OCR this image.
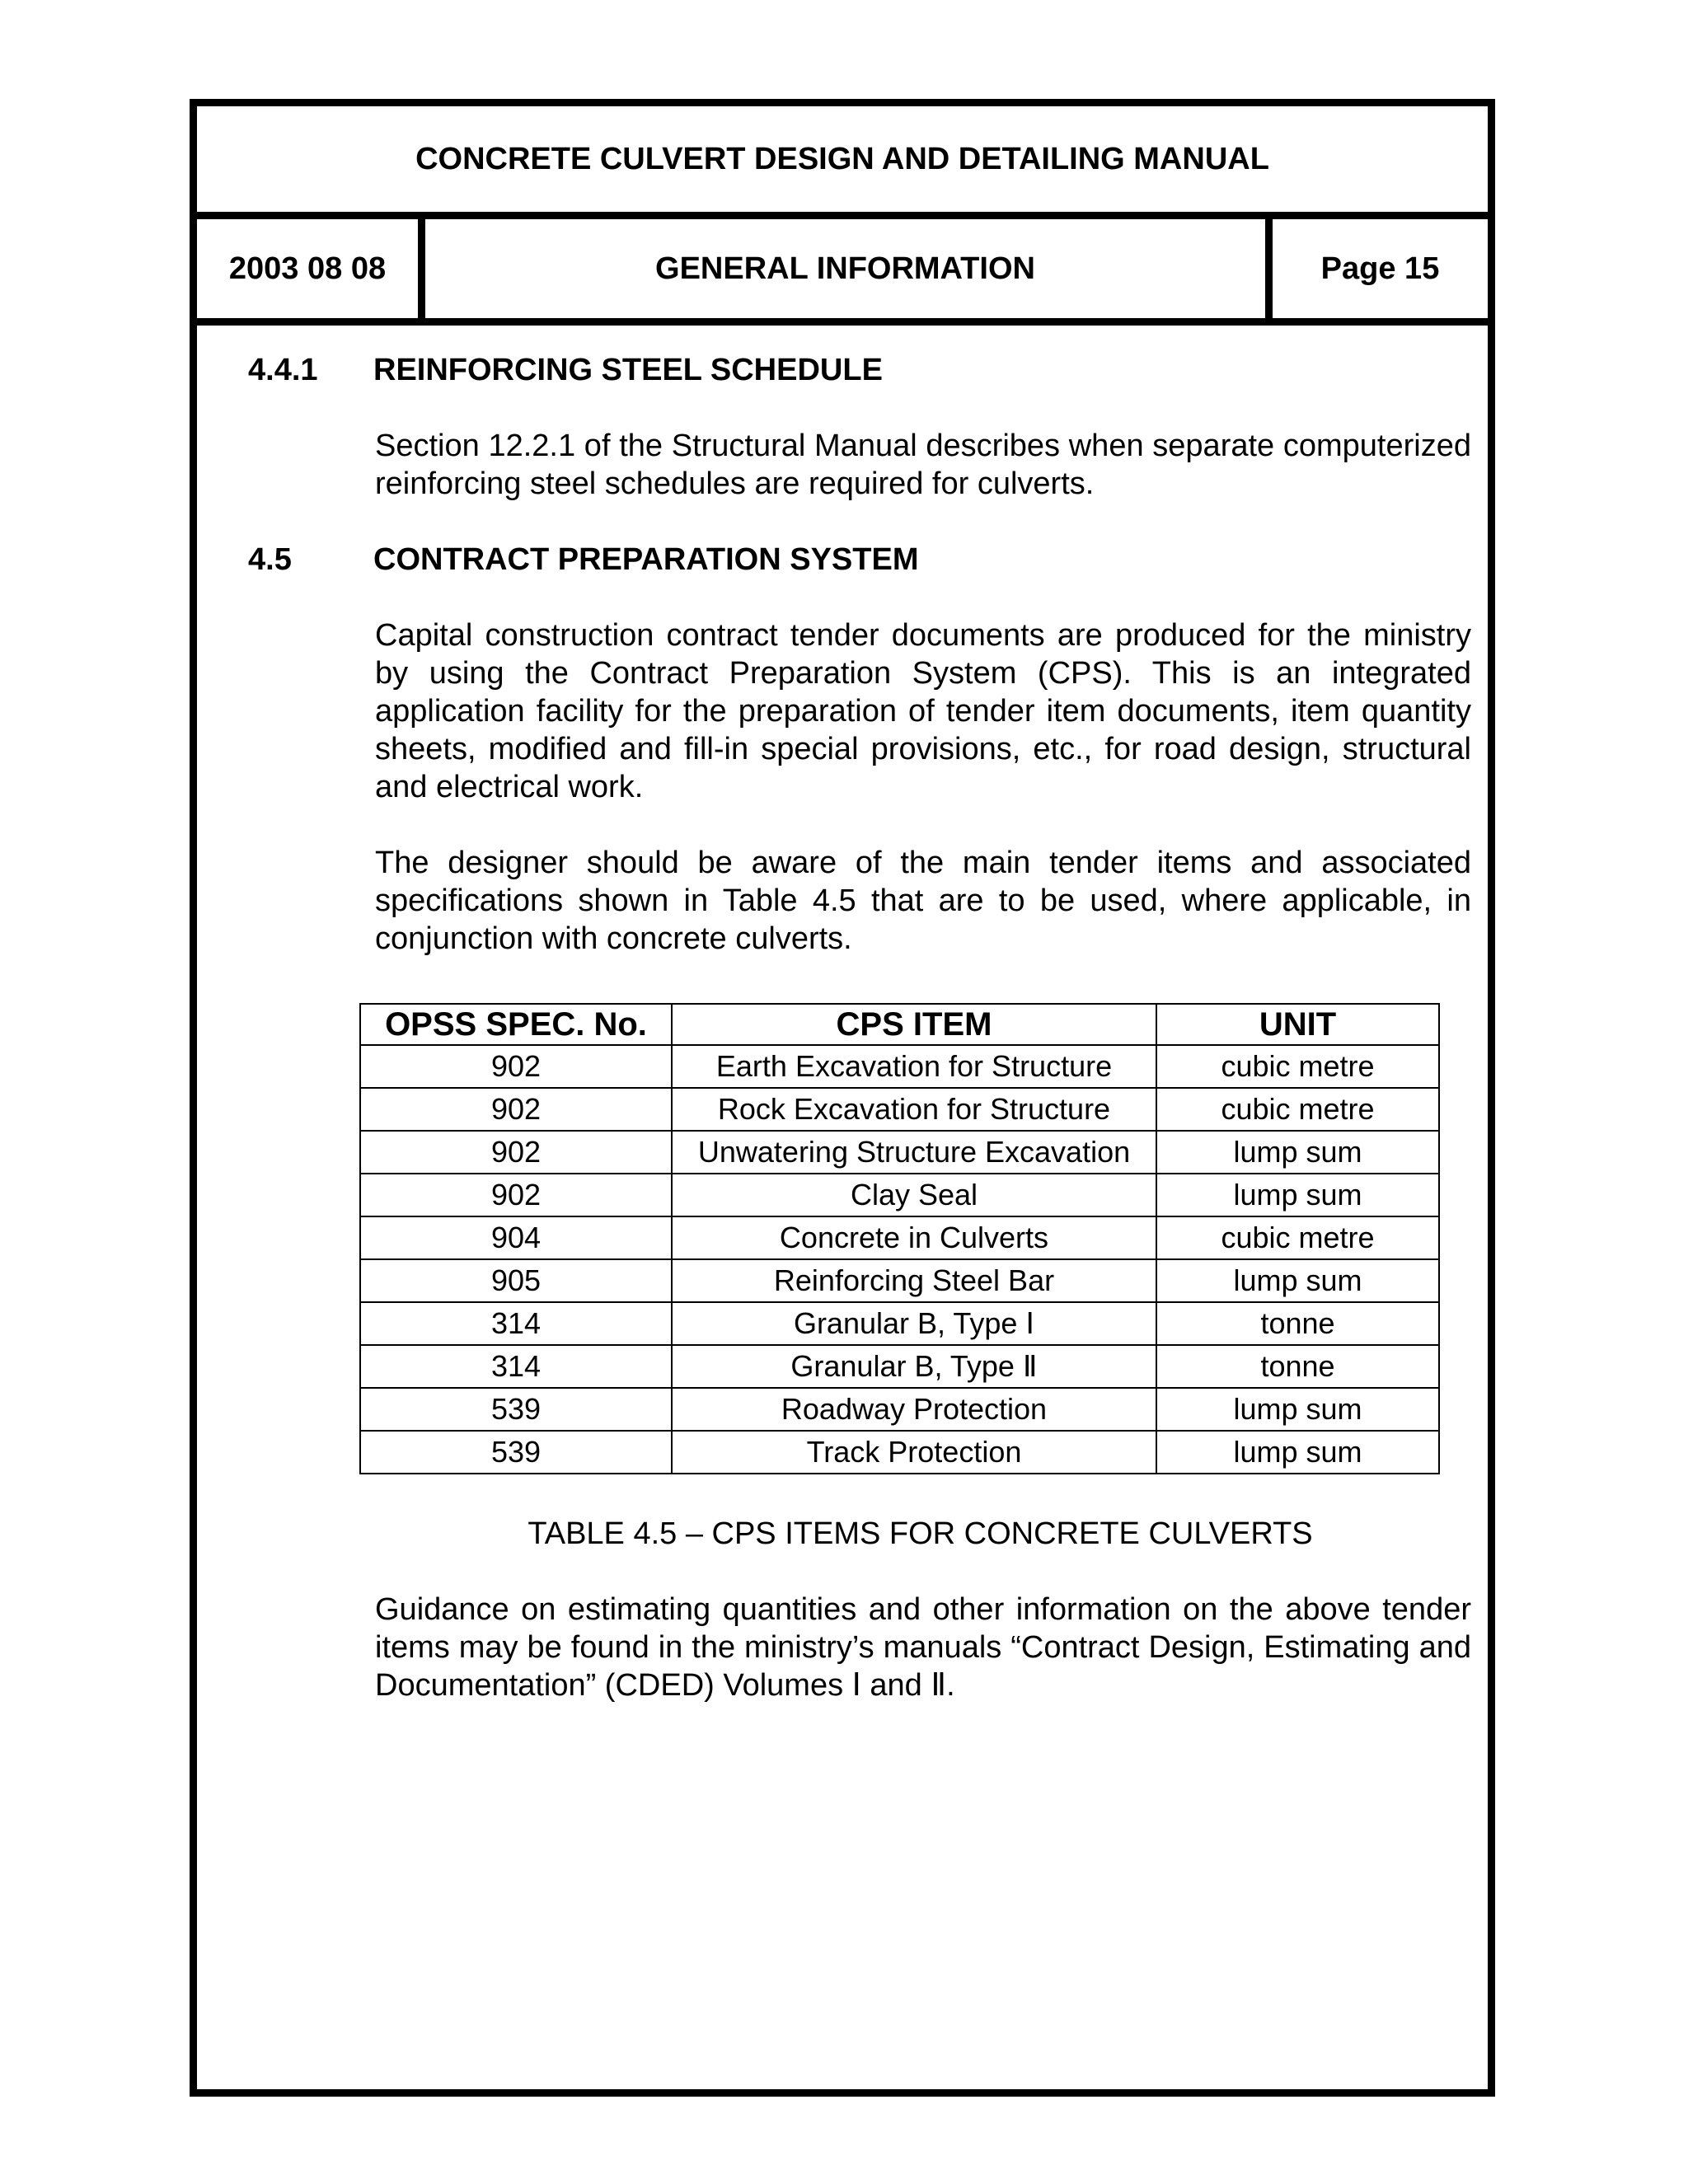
CONCRETE CULVERT DESIGN AND DETAILING MANUAL
2003 08 08	GENERAL INFORMATION	Page 15
4.4.1 REINFORCING STEEL SCHEDULE

Section 12.2.1 of the Structural Manual describes when separate computerized reinforcing steel schedules are required for culverts.

4.5	CONTRACT PREPARATION SYSTEM

Capital construction contract tender documents are produced for the ministry by using the Contract Preparation System (CPS). This is an integrated application facility for the preparation of tender item documents, item quantity sheets, modified and fill-in special provisions, etc., for road design, structural and electrical work.

The designer should be aware of the main tender items and associated specifications shown in Table 4.5 that are to be used, where applicable, in conjunction with concrete culverts.

OPSS SPEC. No.	CPS ITEM	UNIT
902	Earth Excavation for Structure	cubic metre
902	Rock Excavation for Structure	cubic metre
902	Unwatering Structure Excavation	lump sum
902	Clay Seal	lump sum
904	Concrete in Culverts	cubic metre
905	Reinforcing Steel Bar	lump sum
314	Granular B, Type Ⅰ	tonne
314	Granular B, Type Ⅱ	tonne
539	Roadway Protection	lump sum
539	Track Protection	lump sum
TABLE 4.5 – CPS ITEMS FOR CONCRETE CULVERTS

Guidance on estimating quantities and other information on the above tender items may be found in the ministry’s manuals “Contract Design, Estimating and Documentation” (CDED) Volumes Ⅰ and Ⅱ.
